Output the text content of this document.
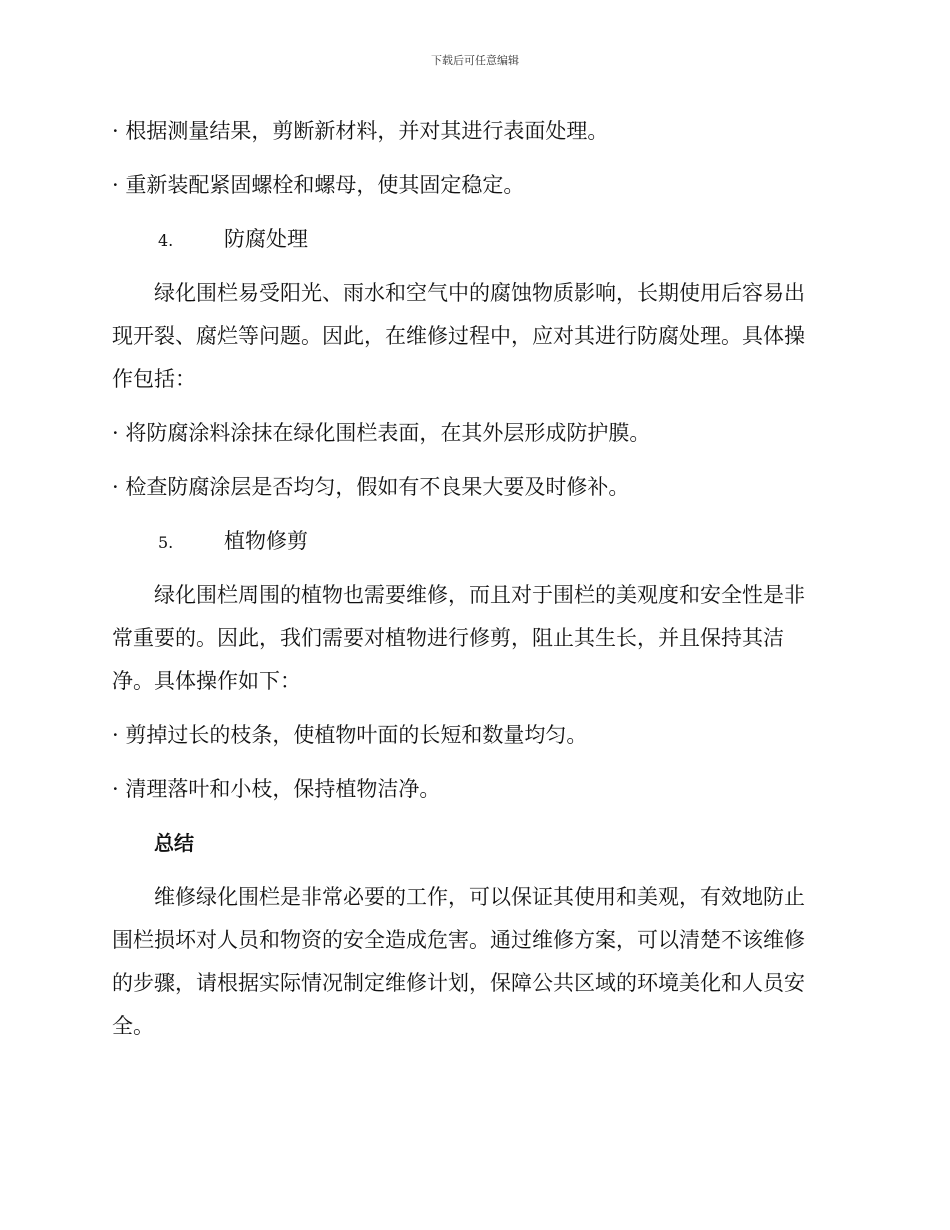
下载后可任意编辑
· 根据测量结果，剪断新材料，并对其进行表面处理。
· 重新装配紧固螺栓和螺母，使其固定稳定。
4. 防腐处理
绿化围栏易受阳光、雨水和空气中的腐蚀物质影响，长期使用后容易出
现开裂、腐烂等问题。因此，在维修过程中，应对其进行防腐处理。具体操
作包括：
· 将防腐涂料涂抹在绿化围栏表面，在其外层形成防护膜。
· 检查防腐涂层是否均匀，假如有不良果大要及时修补。
5. 植物修剪
绿化围栏周围的植物也需要维修，而且对于围栏的美观度和安全性是非
常重要的。因此，我们需要对植物进行修剪，阻止其生长，并且保持其洁
净。具体操作如下：
· 剪掉过长的枝条，使植物叶面的长短和数量均匀。
· 清理落叶和小枝，保持植物洁净。
总结
维修绿化围栏是非常必要的工作，可以保证其使用和美观，有效地防止
围栏损坏对人员和物资的安全造成危害。通过维修方案，可以清楚不该维修
的步骤，请根据实际情况制定维修计划，保障公共区域的环境美化和人员安
全。
